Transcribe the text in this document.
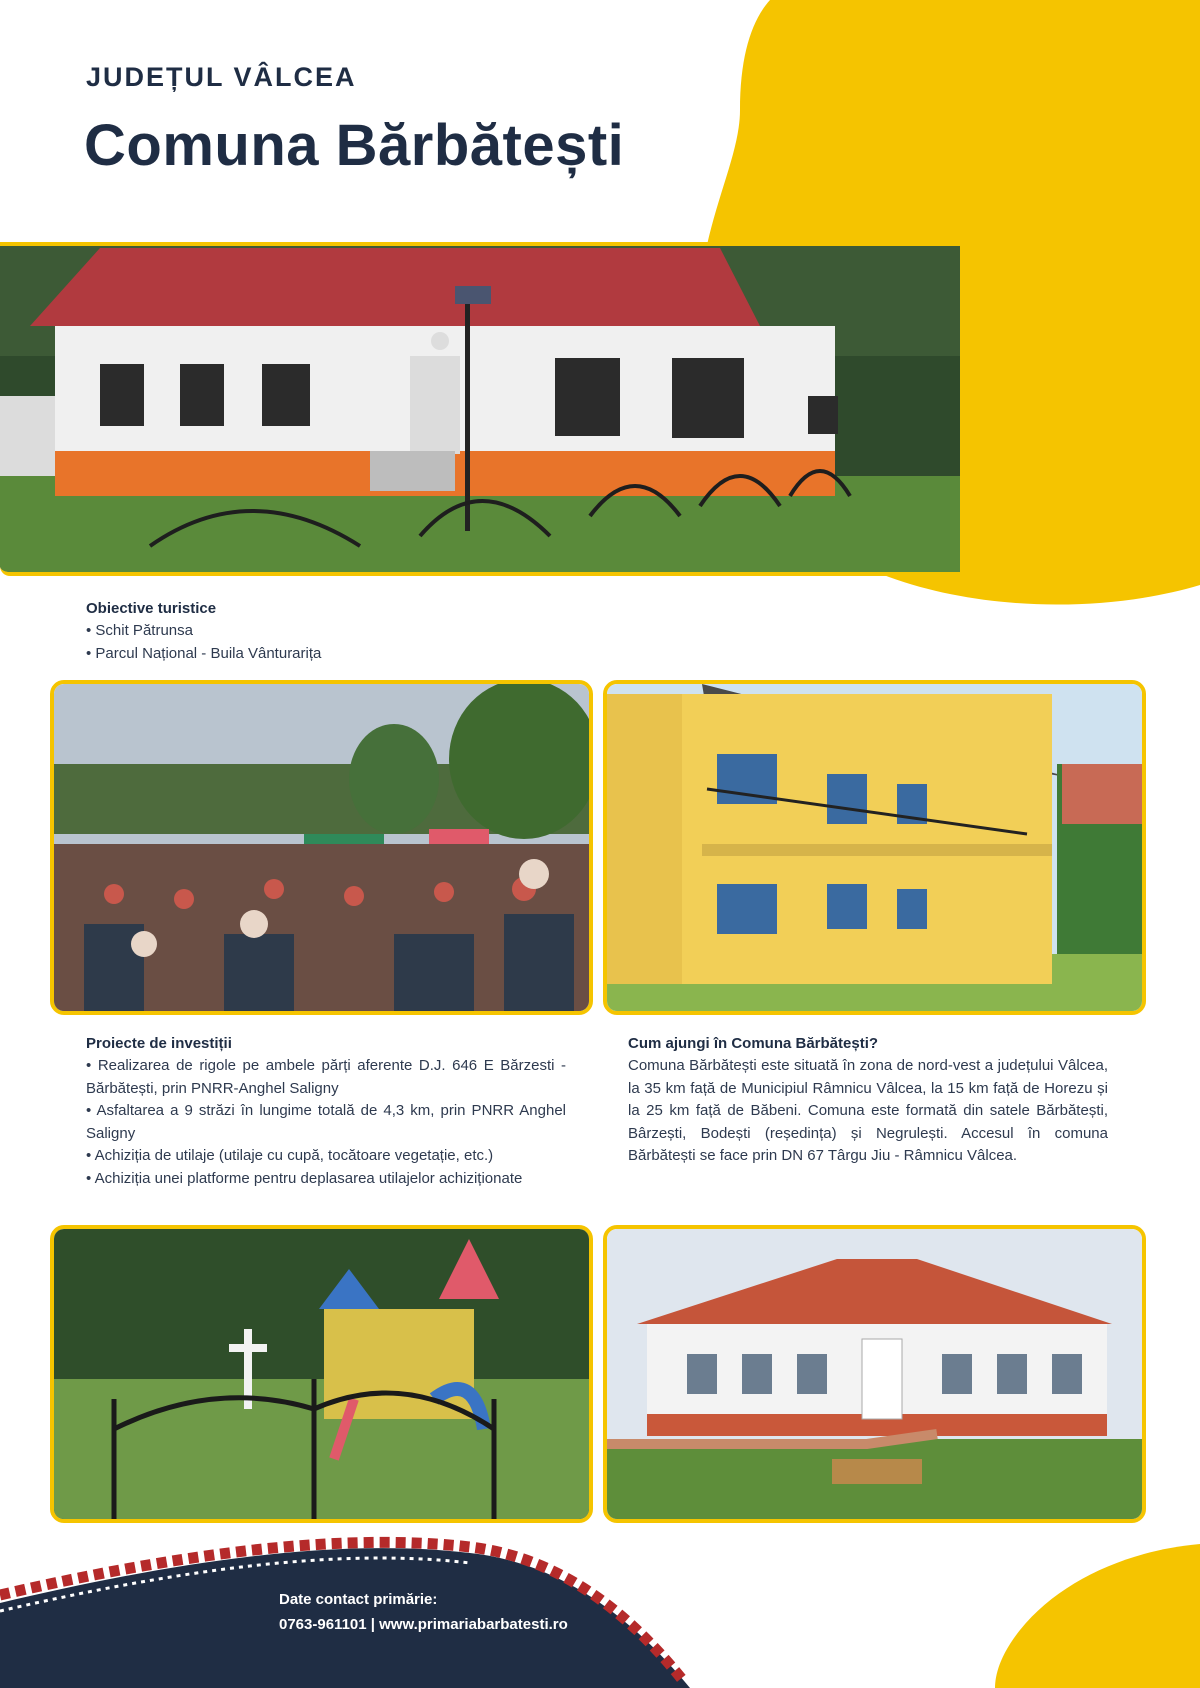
JUDEȚUL VÂLCEA
Comuna Bărbătești
Obiective turistice
• Schit Pătrunsa
• Parcul Național - Buila Vânturarița
Proiecte de investiții
• Realizarea de rigole pe ambele părți aferente D.J. 646 E Bărzesti - Bărbătești, prin PNRR-Anghel Saligny
• Asfaltarea a 9 străzi în lungime totală de 4,3 km, prin PNRR Anghel Saligny
• Achiziția de utilaje (utilaje cu cupă, tocătoare vegetație, etc.)
• Achiziția unei platforme pentru deplasarea utilajelor achiziționate
Cum ajungi în Comuna Bărbătești?
Comuna Bărbătești este situată în zona de nord-vest a județului Vâlcea, la 35 km față de Municipiul Râmnicu Vâlcea, la 15 km față de Horezu și la 25 km față de Băbeni. Comuna este formată din satele Bărbătești, Bârzești, Bodești (reședința) și Negrulești. Accesul în comuna Bărbătești se face prin DN 67 Târgu Jiu - Râmnicu Vâlcea.
Date contact primărie:
0763-961101 | www.primariabarbatesti.ro
